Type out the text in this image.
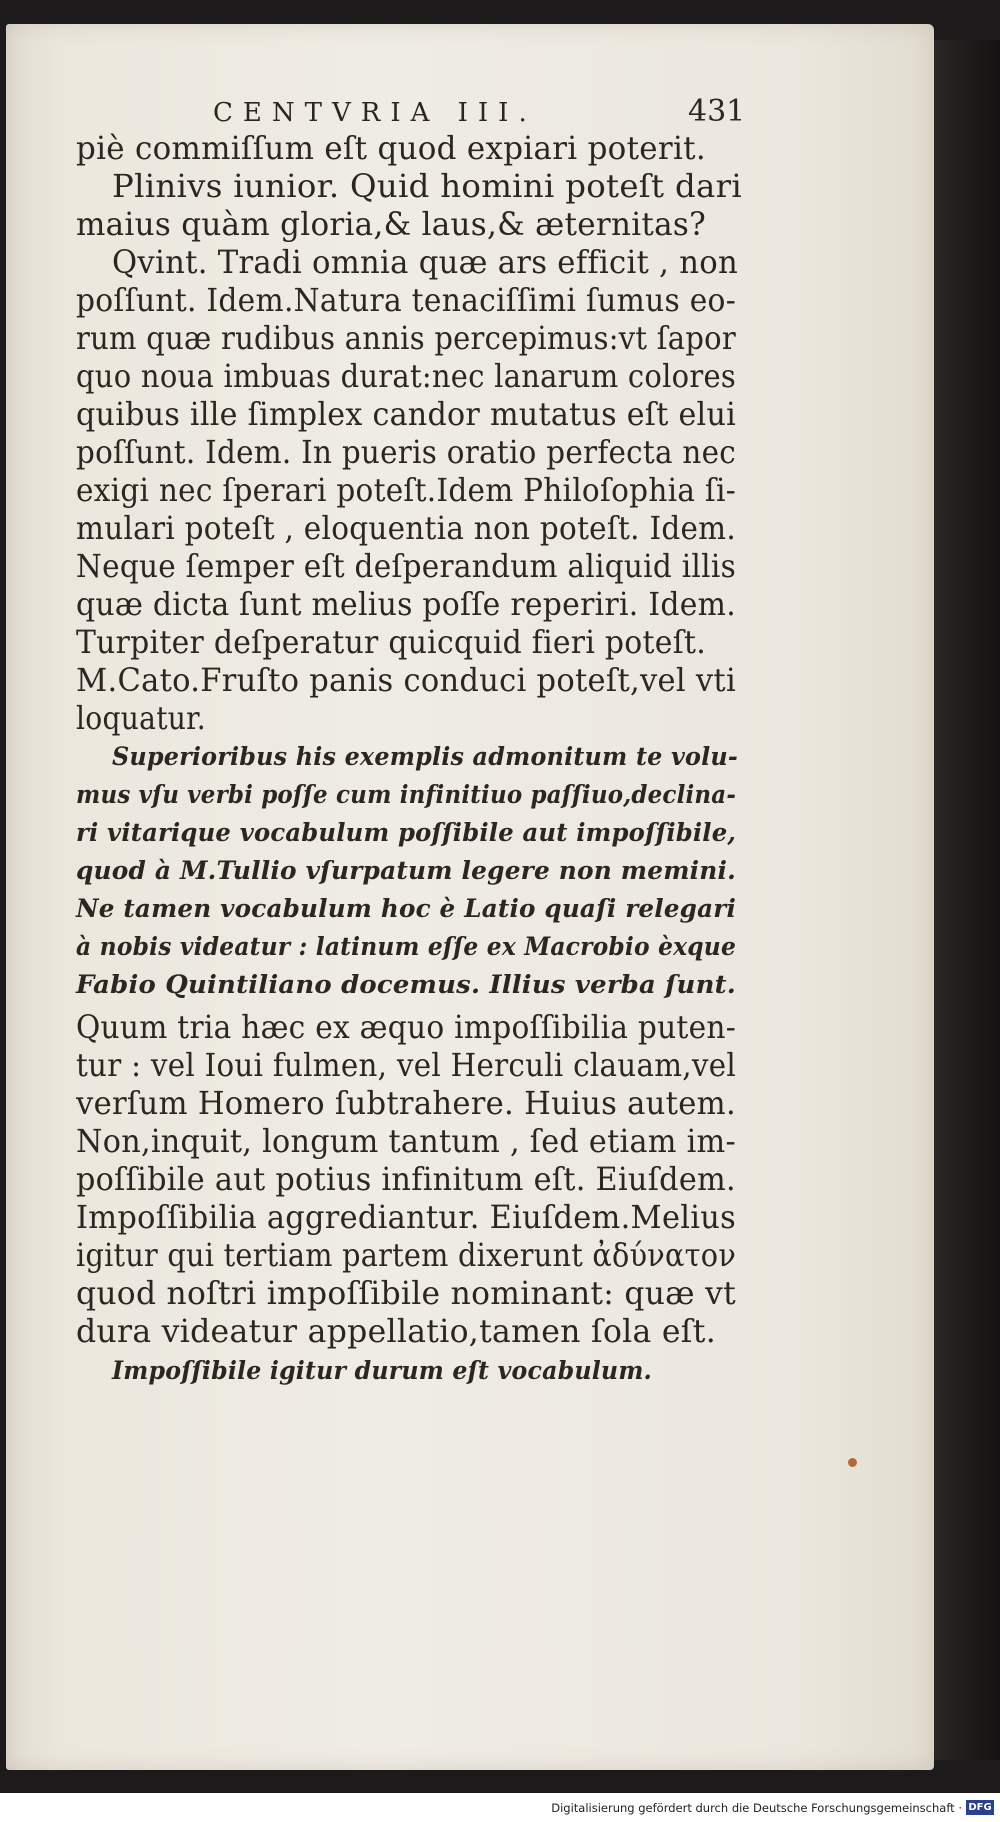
CENTVRIA III.	431
piè commiſſum eſt quod expiari poterit.
Plinivs iunior. Quid homini poteſt dari
maius quàm gloria,& laus,& æternitas?
Qvint. Tradi omnia quæ ars efficit , non
poſſunt. Idem.Natura tenaciſſimi ſumus eo-
rum quæ rudibus annis percepimus:vt ſapor
quo noua imbuas durat:nec lanarum colores
quibus ille ſimplex candor mutatus eſt elui
poſſunt. Idem. In pueris oratio perfecta nec
exigi nec ſperari poteſt.Idem Philoſophia ſi-
mulari poteſt , eloquentia non poteſt. Idem.
Neque ſemper eſt deſperandum aliquid illis
quæ dicta ſunt melius poſſe reperiri. Idem.
Turpiter deſperatur quicquid fieri poteſt.
M.Cato.Fruſto panis conduci poteſt,vel vti
loquatur.
Superioribus his exemplis admonitum te volu-
mus vſu verbi poſſe cum infinitiuo paſſiuo,declina-
ri vitarique vocabulum poſſibile aut impoſſibile,
quod à M.Tullio vſurpatum legere non memini.
Ne tamen vocabulum hoc è Latio quaſi relegari
à nobis videatur : latinum eſſe ex Macrobio èxque
Fabio Quintiliano docemus. Illius verba ſunt.
Quum tria hæc ex æquo impoſſibilia puten-
tur : vel Ioui fulmen, vel Herculi clauam,vel
verſum Homero ſubtrahere. Huius autem.
Non,inquit, longum tantum , ſed etiam im-
poſſibile aut potius infinitum eſt. Eiuſdem.
Impoſſibilia aggrediantur. Eiuſdem.Melius
igitur qui tertiam partem dixerunt ἀδύνατον
quod noſtri impoſſibile nominant: quæ vt
dura videatur appellatio,tamen ſola eſt.
Impoſſibile igitur durum eſt vocabulum.
Digitalisierung gefördert durch die Deutsche Forschungsgemeinschaft · DFG
